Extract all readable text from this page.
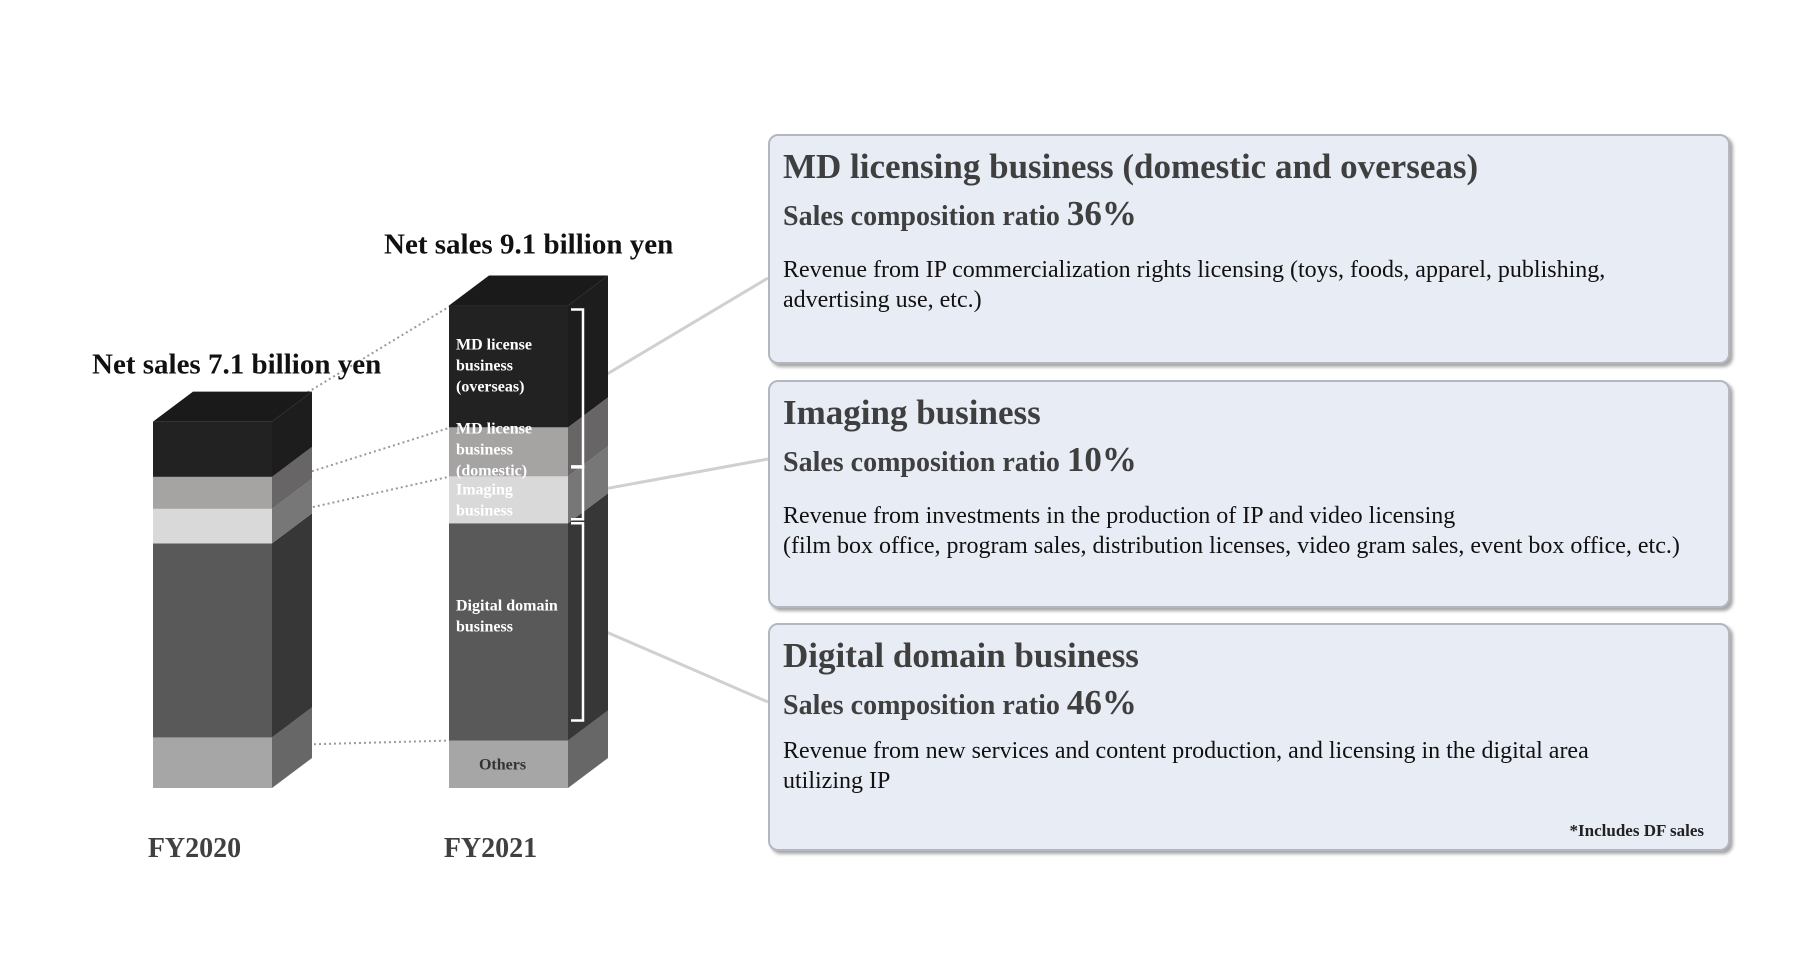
FY2020	FY2021
Net sales 7.1 billion yen
Net sales 9.1 billion yen
Others
Digital domain
business
Imaging
business
MD license
business
(domestic)
MD license
business
(overseas)
MD licensing business (domestic and overseas)
Sales composition ratio 36%
Revenue from IP commercialization rights licensing (toys, foods, apparel, publishing,
advertising use, etc.)
Imaging business
Sales composition ratio 10%
Revenue from investments in the production of IP and video licensing
(film box office, program sales, distribution licenses, video gram sales, event box office, etc.)
Digital domain business
Sales composition ratio 46%
Revenue from new services and content production, and licensing in the digital area
utilizing IP
*Includes DF sales
